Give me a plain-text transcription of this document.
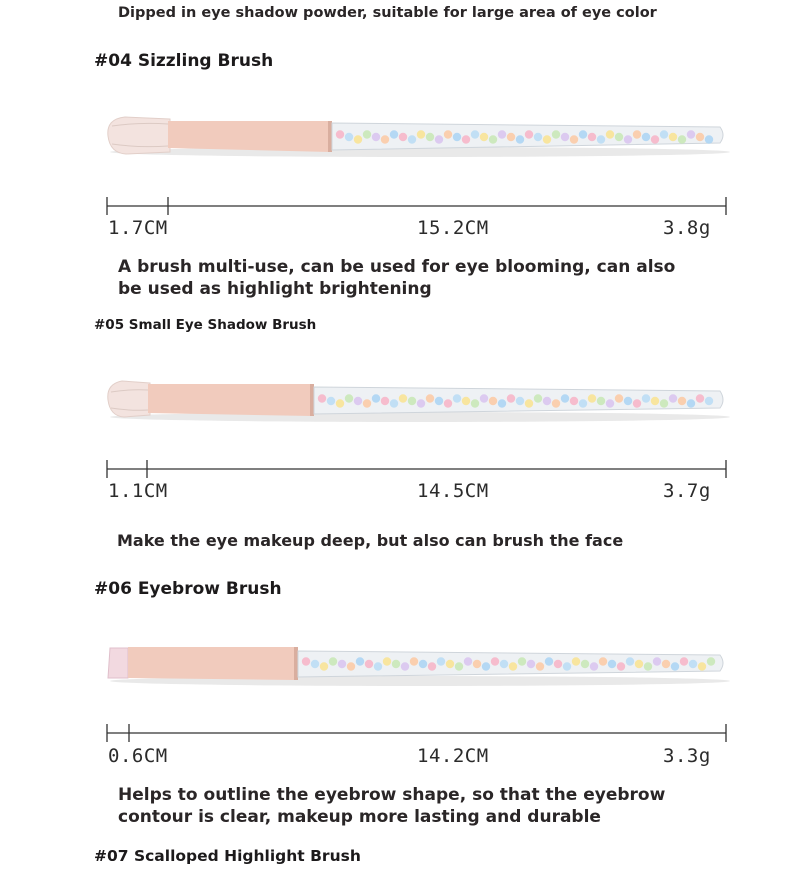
Dipped in eye shadow powder, suitable for large area of eye color
#04 Sizzling Brush
1.7CM	15.2CM	3.8g
A brush multi-use, can be used for eye blooming, can also be used as highlight brightening
#05 Small Eye Shadow Brush
1.1CM	14.5CM	3.7g
Make the eye makeup deep, but also can brush the face
#06 Eyebrow Brush
0.6CM	14.2CM	3.3g
Helps to outline the eyebrow shape, so that the eyebrow contour is clear, makeup more lasting and durable
#07 Scalloped Highlight Brush
